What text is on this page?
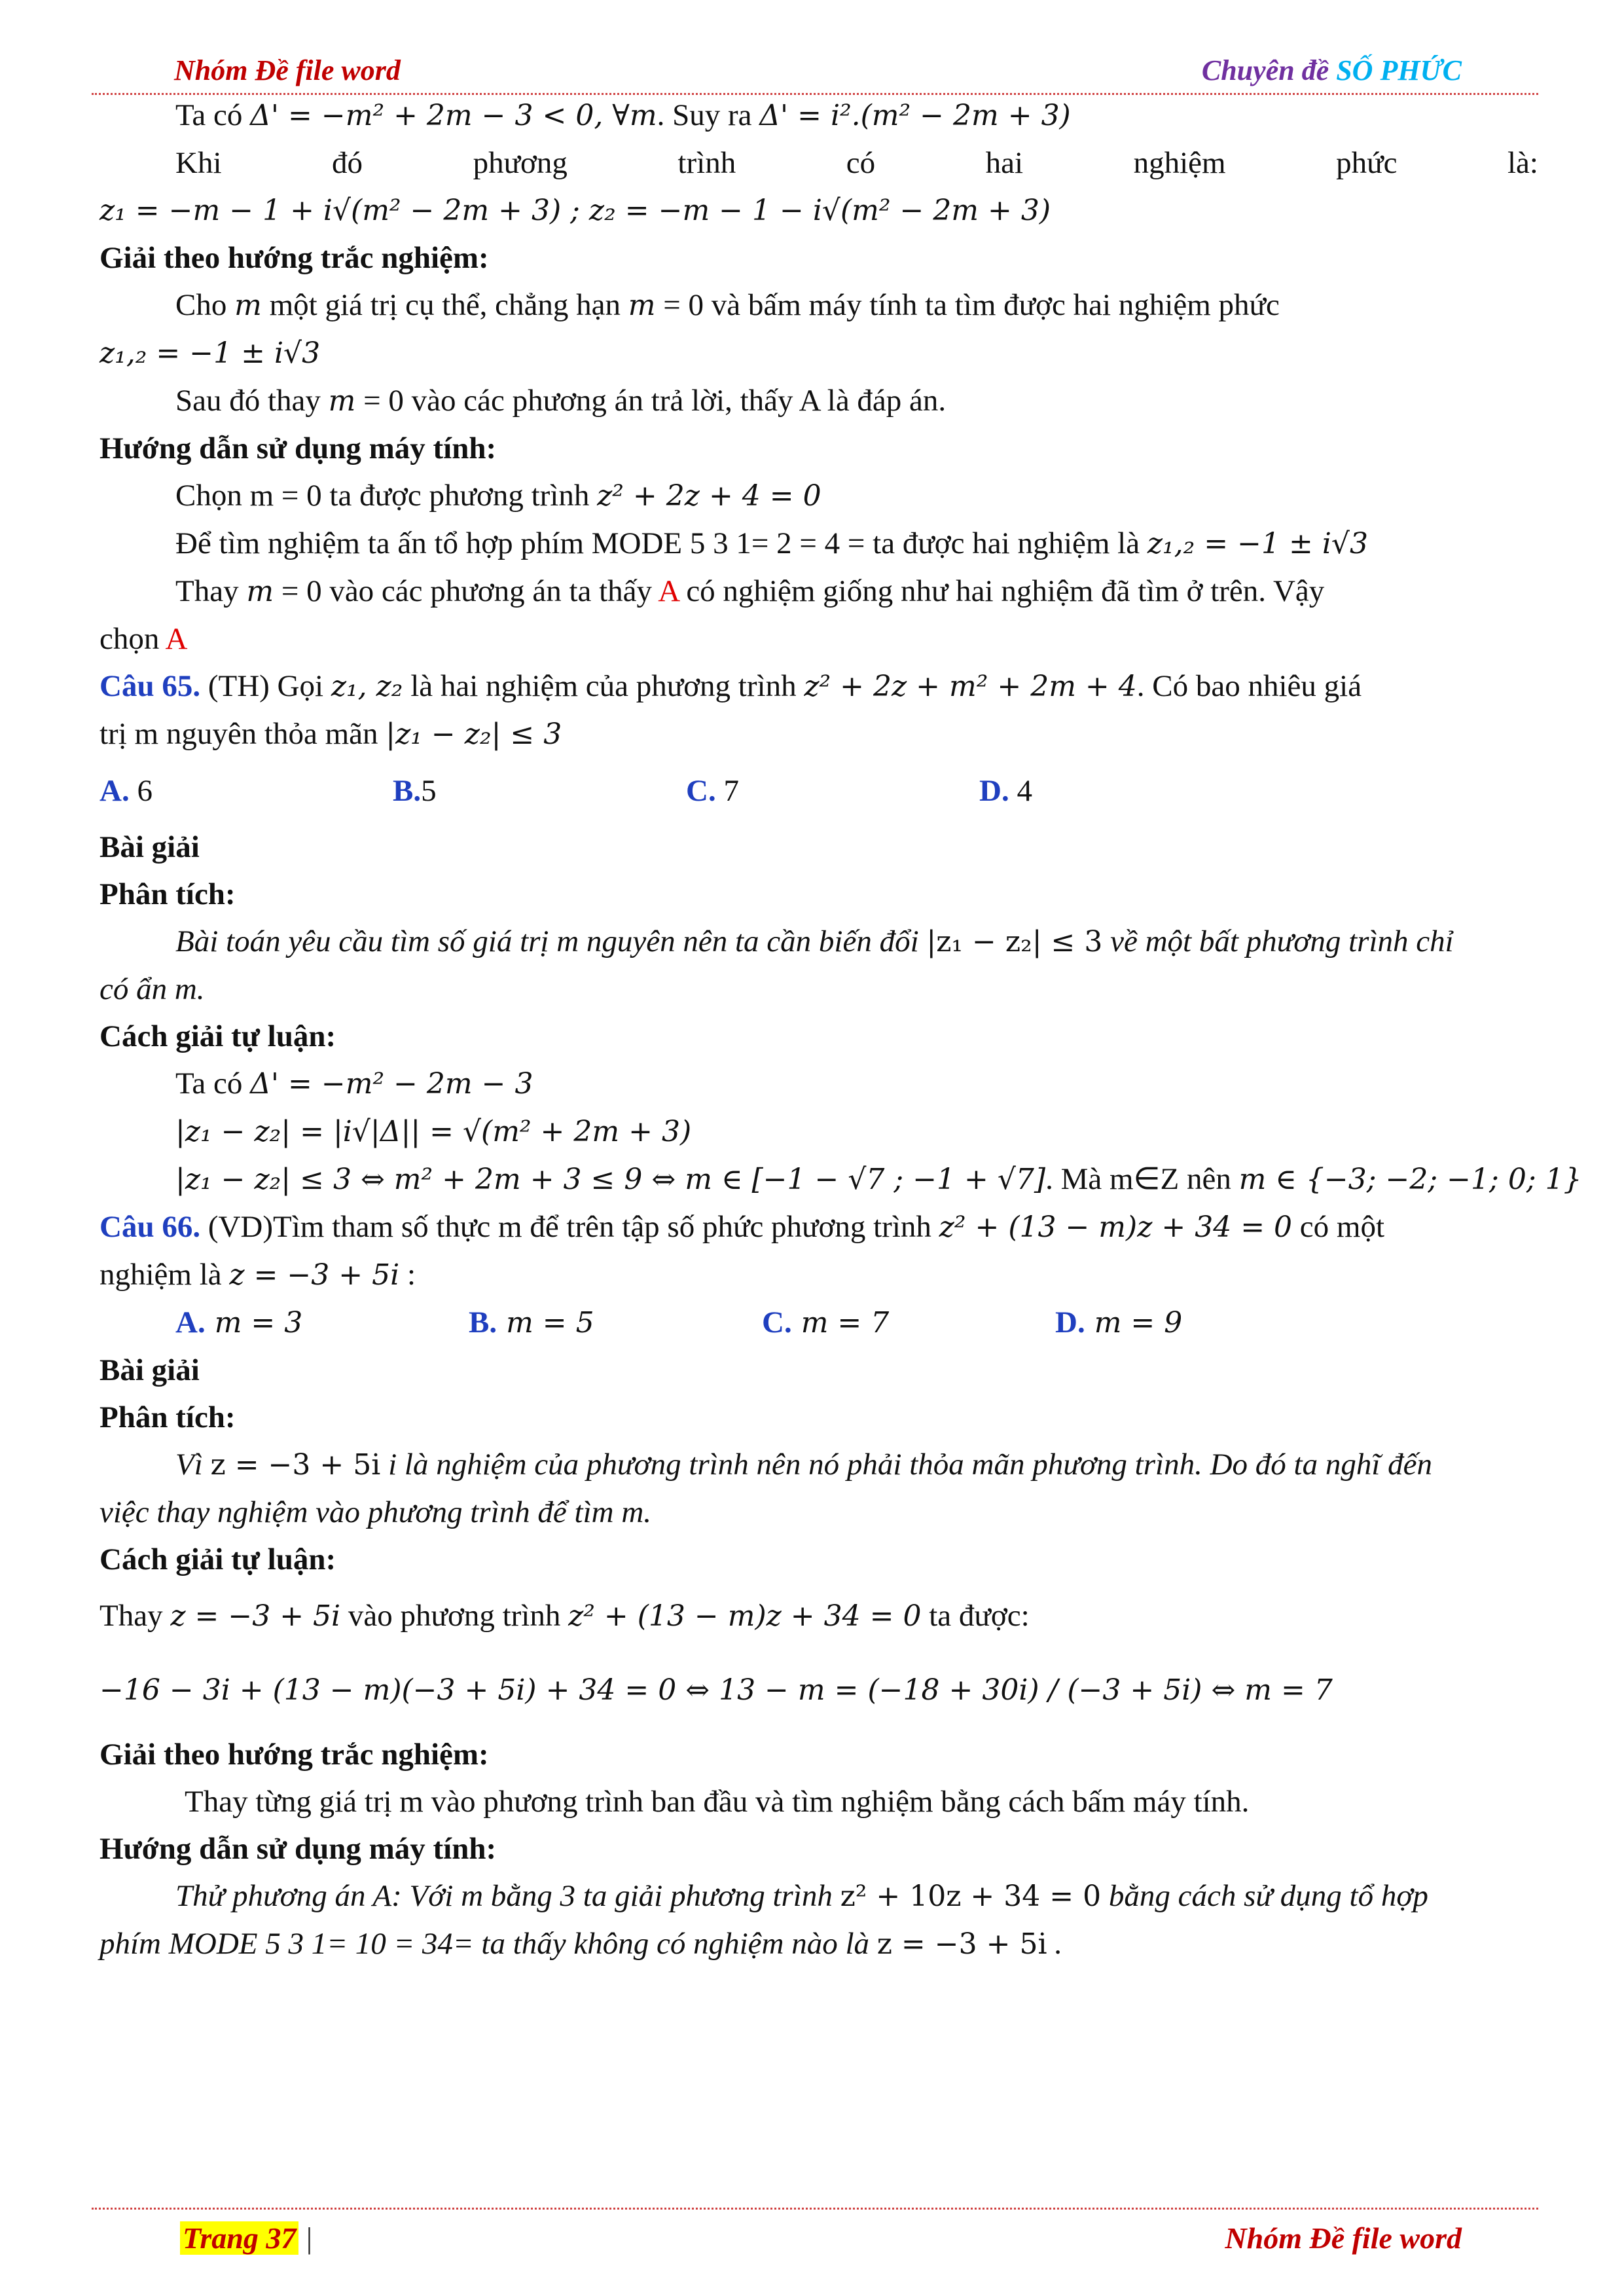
Nhóm Đề file word	Chuyên đề SỐ PHỨC

Ta có Δ' = −m² + 2m − 3 < 0, ∀m. Suy ra Δ' = i².(m² − 2m + 3)

Khi	đó	phương	trình	có	hai	nghiệm	phức	là:

z₁ = −m − 1 + i√(m² − 2m + 3) ; z₂ = −m − 1 − i√(m² − 2m + 3)

Giải theo hướng trắc nghiệm:

Cho m một giá trị cụ thể, chẳng hạn m = 0 và bấm máy tính ta tìm được hai nghiệm phức

z₁,₂ = −1 ± i√3

Sau đó thay m = 0 vào các phương án trả lời, thấy A là đáp án.

Hướng dẫn sử dụng máy tính:

Chọn m = 0 ta được phương trình z² + 2z + 4 = 0

Để tìm nghiệm ta ấn tổ hợp phím MODE 5 3 1= 2 = 4 = ta được hai nghiệm là z₁,₂ = −1 ± i√3

Thay m = 0 vào các phương án ta thấy A có nghiệm giống như hai nghiệm đã tìm ở trên. Vậy

chọn A

Câu 65. (TH) Gọi z₁, z₂ là hai nghiệm của phương trình z² + 2z + m² + 2m + 4. Có bao nhiêu giá

trị m nguyên thỏa mãn |z₁ − z₂| ≤ 3

A. 6	B.5	C. 7	D. 4

Bài giải

Phân tích:

Bài toán yêu cầu tìm số giá trị m nguyên nên ta cần biến đổi |z₁ − z₂| ≤ 3 về một bất phương trình chỉ

có ẩn m.

Cách giải tự luận:

Ta có Δ' = −m² − 2m − 3

|z₁ − z₂| = |i√|Δ|| = √(m² + 2m + 3)

|z₁ − z₂| ≤ 3 ⇔ m² + 2m + 3 ≤ 9 ⇔ m ∈ [−1 − √7 ; −1 + √7]. Mà m∈Z nên m ∈ {−3; −2; −1; 0; 1}

Câu 66. (VD)Tìm tham số thực m để trên tập số phức phương trình z² + (13 − m)z + 34 = 0 có một

nghiệm là z = −3 + 5i :

A. m = 3	B. m = 5	C. m = 7	D. m = 9

Bài giải

Phân tích:

Vì z = −3 + 5i i là nghiệm của phương trình nên nó phải thỏa mãn phương trình. Do đó ta nghĩ đến

việc thay nghiệm vào phương trình để tìm m.

Cách giải tự luận:

Thay z = −3 + 5i vào phương trình z² + (13 − m)z + 34 = 0 ta được:

−16 − 3i + (13 − m)(−3 + 5i) + 34 = 0 ⇔ 13 − m = (−18 + 30i) / (−3 + 5i) ⇔ m = 7

Giải theo hướng trắc nghiệm:

Thay từng giá trị m vào phương trình ban đầu và tìm nghiệm bằng cách bấm máy tính.

Hướng dẫn sử dụng máy tính:

Thử phương án A: Với m bằng 3 ta giải phương trình z² + 10z + 34 = 0 bằng cách sử dụng tổ hợp

phím MODE 5 3 1= 10 = 34= ta thấy không có nghiệm nào là z = −3 + 5i .

Trang 37 |	Nhóm Đề file word
